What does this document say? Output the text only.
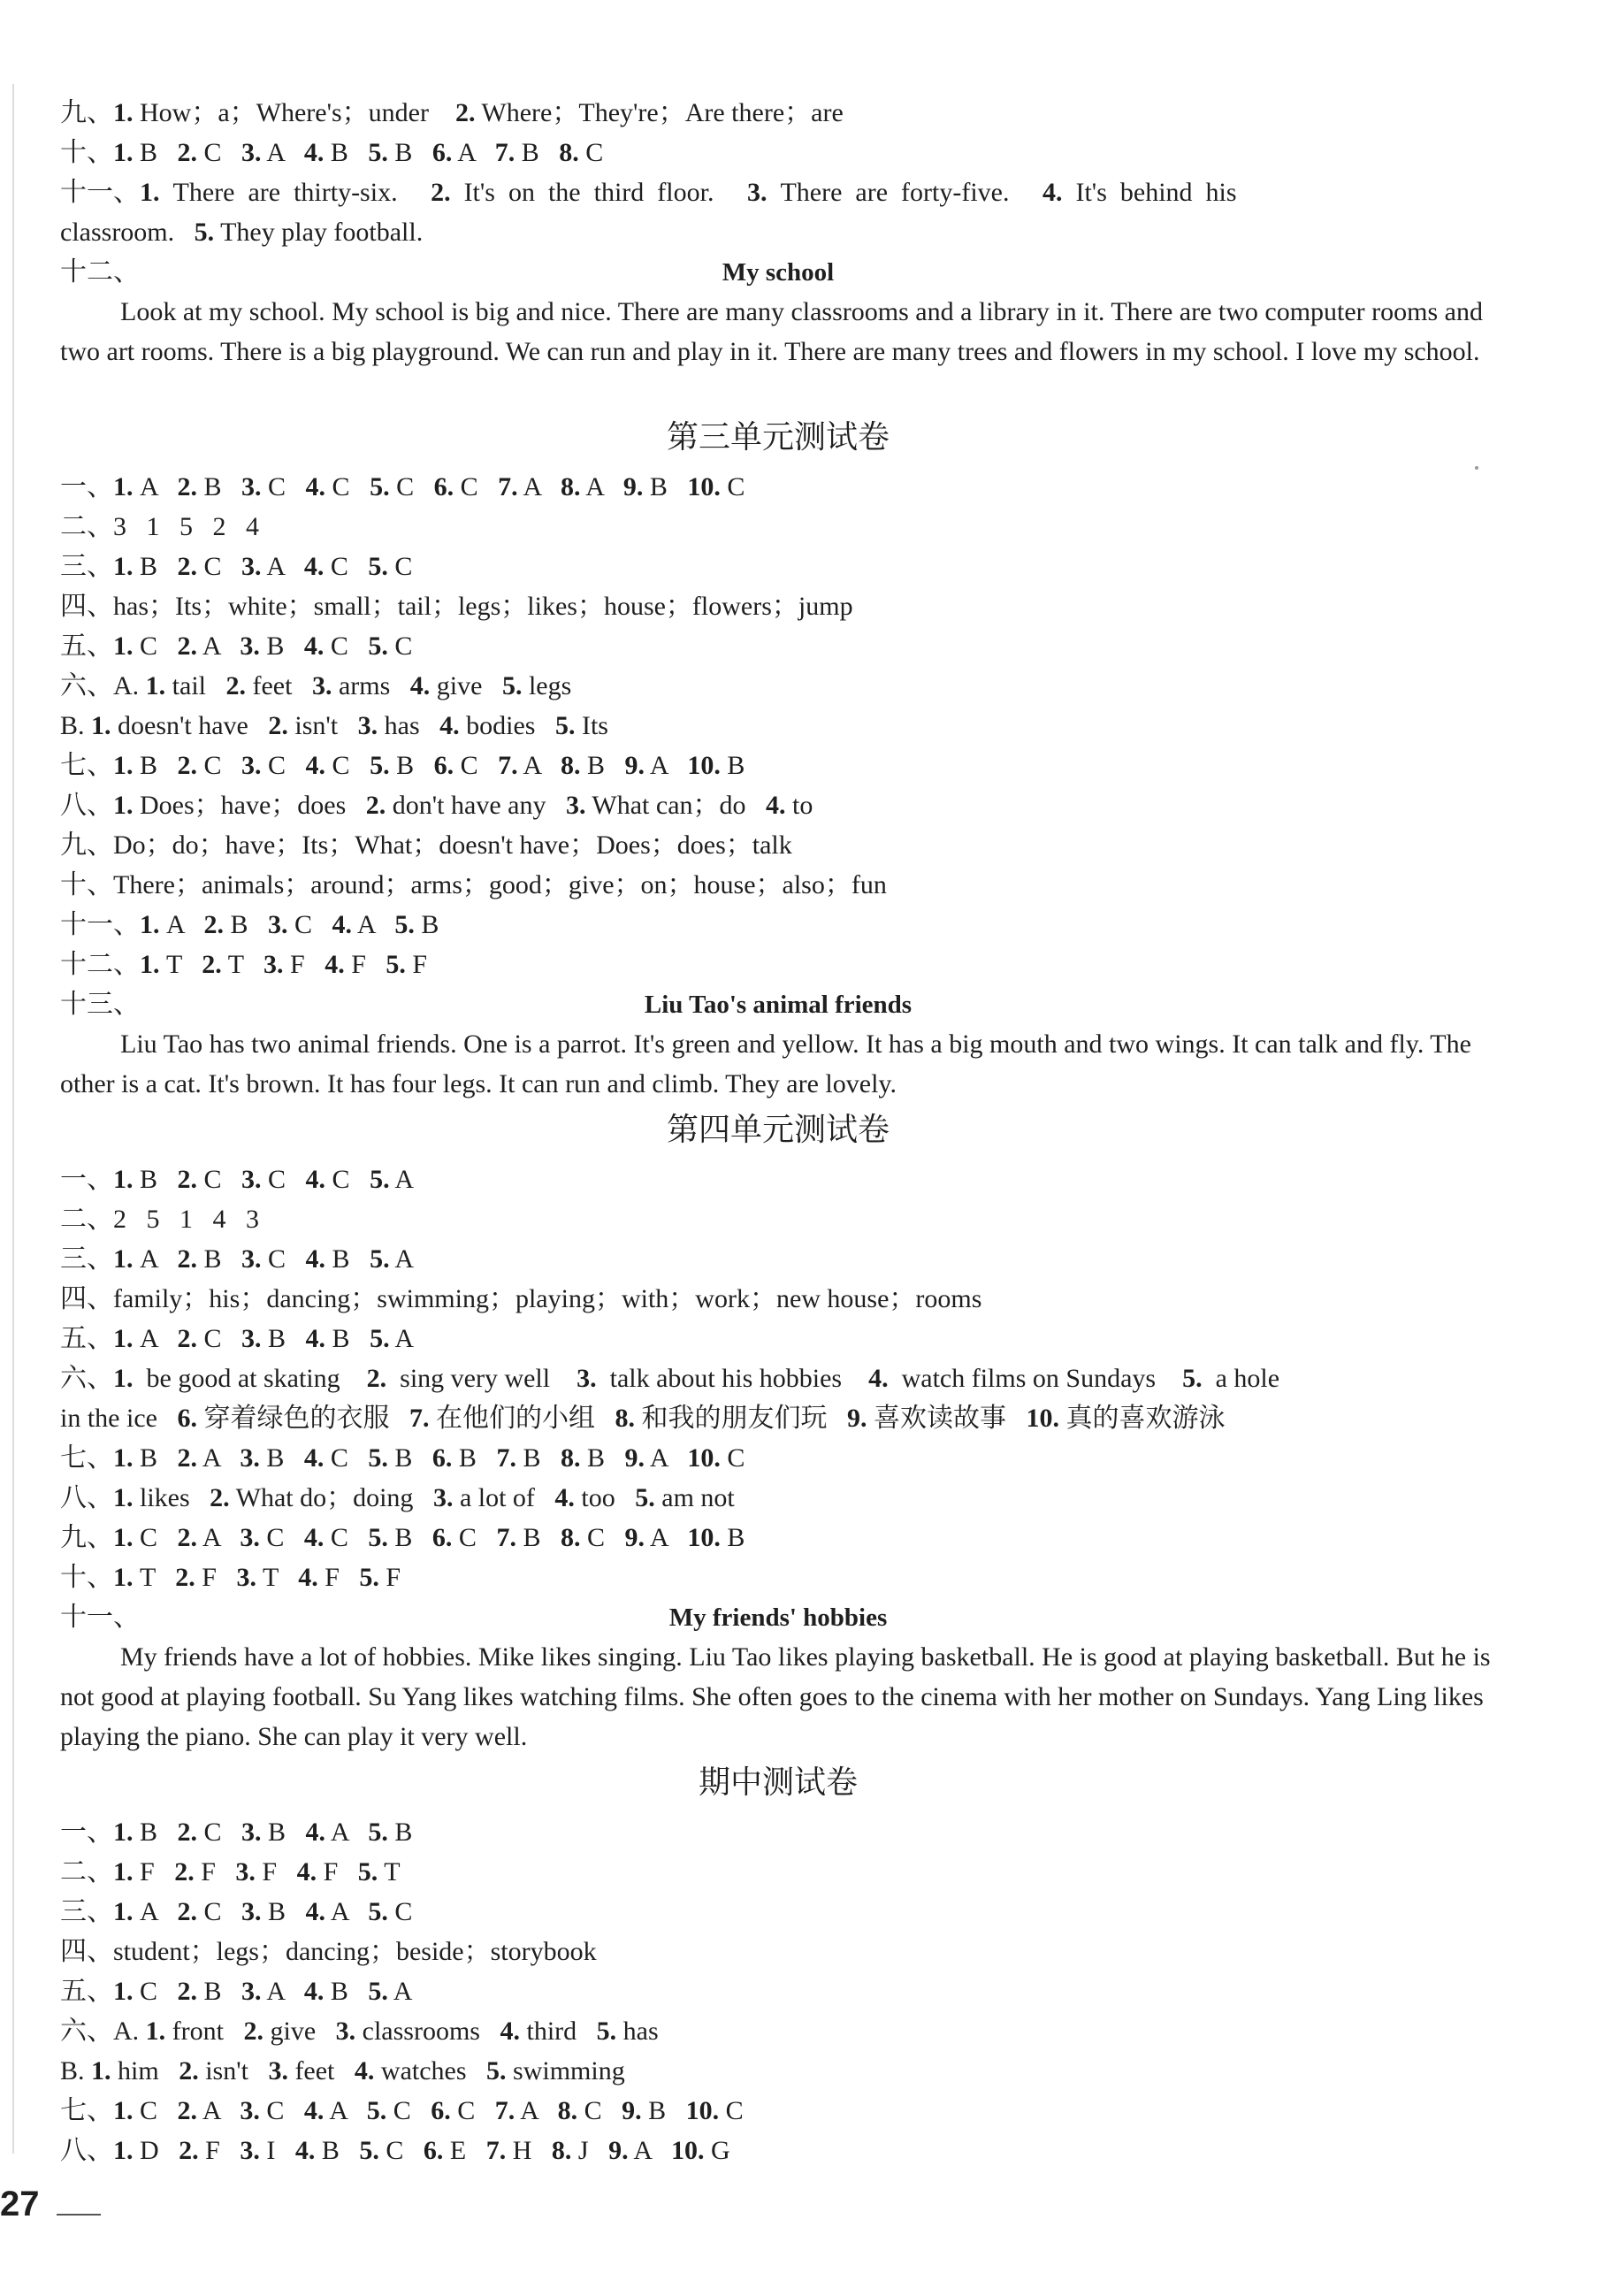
九、1. How；a；Where's；under    2. Where；They're；Are there；are
十、1. B   2. C   3. A   4. B   5. B   6. A   7. B   8. C
十一、1.  There  are  thirty-six.     2.  It's  on  the  third  floor.     3.  There  are  forty-five.     4.  It's  behind  his
classroom.   5. They play football.
十二、
Look at my school. My school is big and nice. There are many classrooms and a library in it. There are two computer rooms and two art rooms. There is a big playground. We can run and play in it. There are many trees and flowers in my school. I love my school.
一、1. A   2. B   3. C   4. C   5. C   6. C   7. A   8. A   9. B   10. C
二、3   1   5   2   4
三、1. B   2. C   3. A   4. C   5. C
四、has；Its；white；small；tail；legs；likes；house；flowers；jump
五、1. C   2. A   3. B   4. C   5. C
六、A. 1. tail   2. feet   3. arms   4. give   5. legs
B. 1. doesn't have   2. isn't   3. has   4. bodies   5. Its
七、1. B   2. C   3. C   4. C   5. B   6. C   7. A   8. B   9. A   10. B
八、1. Does；have；does   2. don't have any   3. What can；do   4. to
九、Do；do；have；Its；What；doesn't have；Does；does；talk
十、There；animals；around；arms；good；give；on；house；also；fun
十一、1. A   2. B   3. C   4. A   5. B
十二、1. T   2. T   3. F   4. F   5. F
十三、
Liu Tao has two animal friends. One is a parrot. It's green and yellow. It has a big mouth and two wings. It can talk and fly. The other is a cat. It's brown. It has four legs. It can run and climb. They are lovely.
一、1. B   2. C   3. C   4. C   5. A
二、2   5   1   4   3
三、1. A   2. B   3. C   4. B   5. A
四、family；his；dancing；swimming；playing；with；work；new house；rooms
五、1. A   2. C   3. B   4. B   5. A
六、1.  be good at skating    2.  sing very well    3.  talk about his hobbies    4.  watch films on Sundays    5.  a hole
in the ice   6. 穿着绿色的衣服   7. 在他们的小组   8. 和我的朋友们玩   9. 喜欢读故事   10. 真的喜欢游泳
七、1. B   2. A   3. B   4. C   5. B   6. B   7. B   8. B   9. A   10. C
八、1. likes   2. What do；doing   3. a lot of   4. too   5. am not
九、1. C   2. A   3. C   4. C   5. B   6. C   7. B   8. C   9. A   10. B
十、1. T   2. F   3. T   4. F   5. F
十一、
My friends have a lot of hobbies. Mike likes singing. Liu Tao likes playing basketball. He is good at playing basketball. But he is not good at playing football. Su Yang likes watching films. She often goes to the cinema with her mother on Sundays. Yang Ling likes playing the piano. She can play it very well.
一、1. B   2. C   3. B   4. A   5. B
二、1. F   2. F   3. F   4. F   5. T
三、1. A   2. C   3. B   4. A   5. C
四、student；legs；dancing；beside；storybook
五、1. C   2. B   3. A   4. B   5. A
六、A. 1. front   2. give   3. classrooms   4. third   5. has
B. 1. him   2. isn't   3. feet   4. watches   5. swimming
七、1. C   2. A   3. C   4. A   5. C   6. C   7. A   8. C   9. B   10. C
八、1. D   2. F   3. I   4. B   5. C   6. E   7. H   8. J   9. A   10. G
My school
Liu Tao's animal friends
My friends' hobbies
第三单元测试卷
第四单元测试卷
期中测试卷
27
